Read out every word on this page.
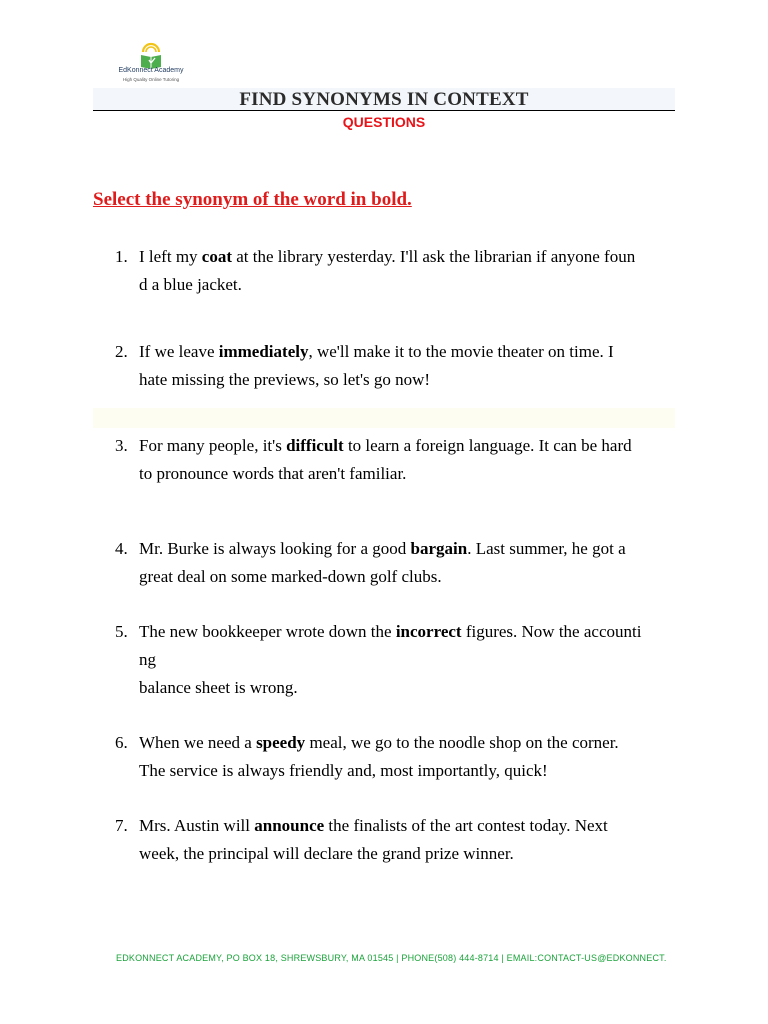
EdKonnect Academy
High Quality Online Tutoring
FIND SYNONYMS IN CONTEXT
QUESTIONS
Select the synonym of the word in bold.
1. I left my coat at the library yesterday. I'll ask the librarian if anyone foun
d a blue jacket.
2. If we leave immediately, we'll make it to the movie theater on time. I
hate missing the previews, so let's go now!
3. For many people, it's difficult to learn a foreign language. It can be hard
to pronounce words that aren't familiar.
4. Mr. Burke is always looking for a good bargain. Last summer, he got a
great deal on some marked-down golf clubs.
5. The new bookkeeper wrote down the incorrect figures. Now the accounti
ng
balance sheet is wrong.
6. When we need a speedy meal, we go to the noodle shop on the corner.
The service is always friendly and, most importantly, quick!
7. Mrs. Austin will announce the finalists of the art contest today. Next
week, the principal will declare the grand prize winner.
EDKONNECT ACADEMY, PO BOX 18, SHREWSBURY, MA 01545 | PHONE(508) 444-8714 | EMAIL:CONTACT-US@EDKONNECT.
